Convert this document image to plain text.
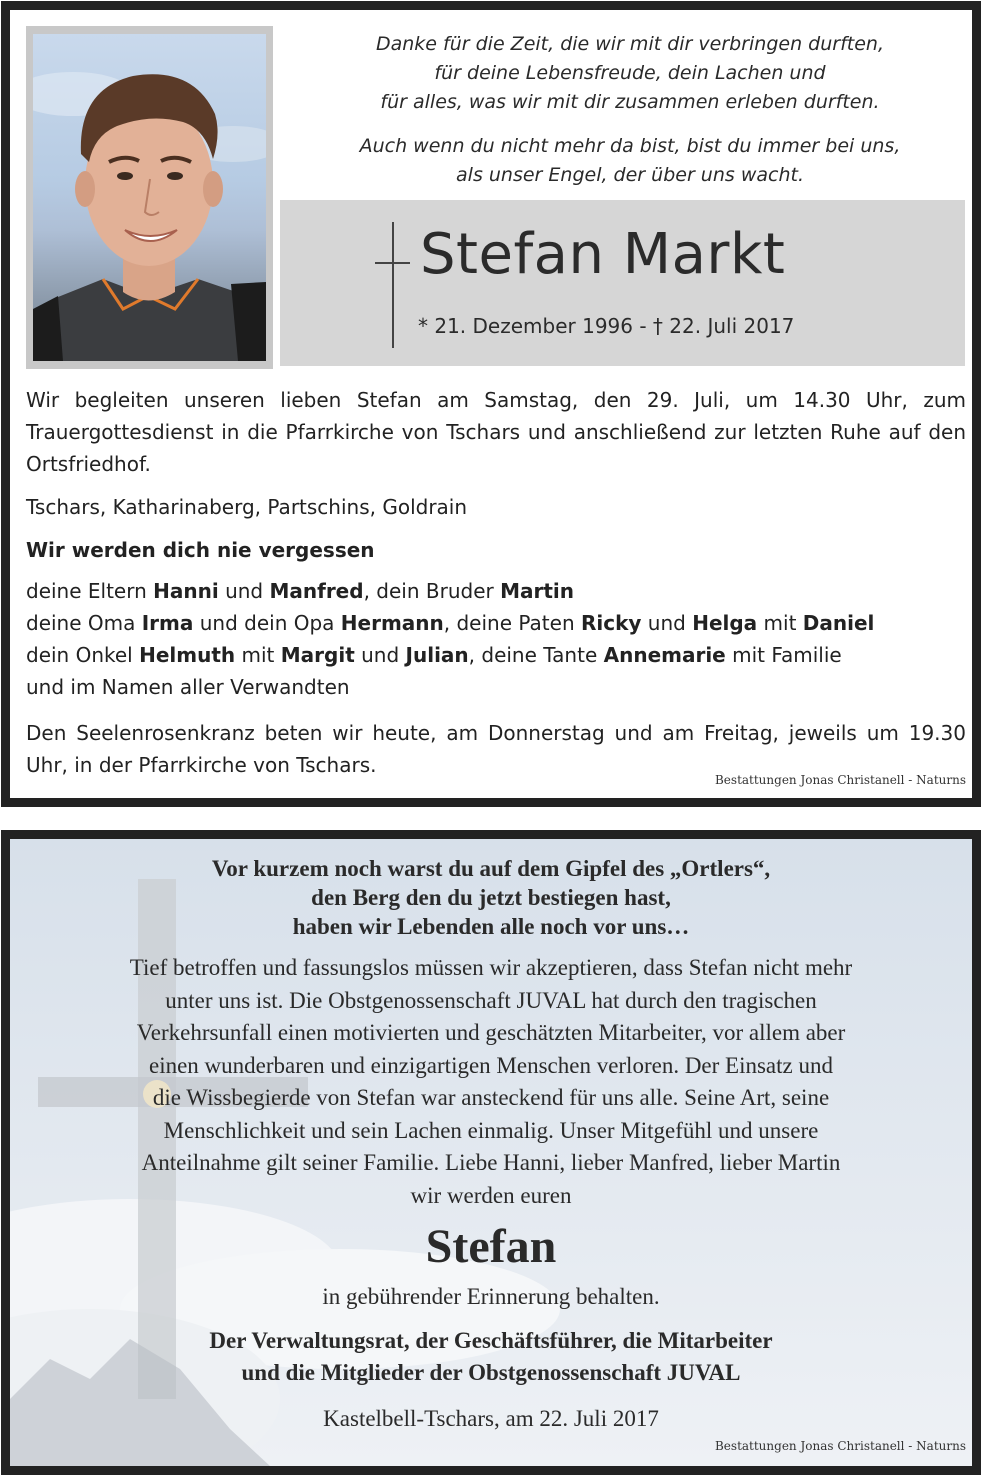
Danke für die Zeit, die wir mit dir verbringen durften,
für deine Lebensfreude, dein Lachen und
für alles, was wir mit dir zusammen erleben durften.
Auch wenn du nicht mehr da bist, bist du immer bei uns,
als unser Engel, der über uns wacht.
Stefan Markt
* 21. Dezember 1996 - † 22. Juli 2017
Wir begleiten unseren lieben Stefan am Samstag, den 29. Juli, um 14.30 Uhr, zum Trauergottesdienst in die Pfarrkirche von Tschars und anschließend zur letzten Ruhe auf den Ortsfriedhof.
Tschars, Katharinaberg, Partschins, Goldrain
Wir werden dich nie vergessen
deine Eltern Hanni und Manfred, dein Bruder Martin
deine Oma Irma und dein Opa Hermann, deine Paten Ricky und Helga mit Daniel
dein Onkel Helmuth mit Margit und Julian, deine Tante Annemarie mit Familie
und im Namen aller Verwandten
Den Seelenrosenkranz beten wir heute, am Donnerstag und am Freitag, jeweils um 19.30 Uhr, in der Pfarrkirche von Tschars.
Bestattungen Jonas Christanell - Naturns
Vor kurzem noch warst du auf dem Gipfel des „Ortlers“,
den Berg den du jetzt bestiegen hast,
haben wir Lebenden alle noch vor uns…
Tief betroffen und fassungslos müssen wir akzeptieren, dass Stefan nicht mehr
unter uns ist. Die Obstgenossenschaft JUVAL hat durch den tragischen
Verkehrsunfall einen motivierten und geschätzten Mitarbeiter, vor allem aber
einen wunderbaren und einzigartigen Menschen verloren. Der Einsatz und
die Wissbegierde von Stefan war ansteckend für uns alle. Seine Art, seine
Menschlichkeit und sein Lachen einmalig. Unser Mitgefühl und unsere
Anteilnahme gilt seiner Familie. Liebe Hanni, lieber Manfred, lieber Martin
wir werden euren
Stefan
in gebührender Erinnerung behalten.
Der Verwaltungsrat, der Geschäftsführer, die Mitarbeiter
und die Mitglieder der Obstgenossenschaft JUVAL
Kastelbell-Tschars, am 22. Juli 2017
Bestattungen Jonas Christanell - Naturns
